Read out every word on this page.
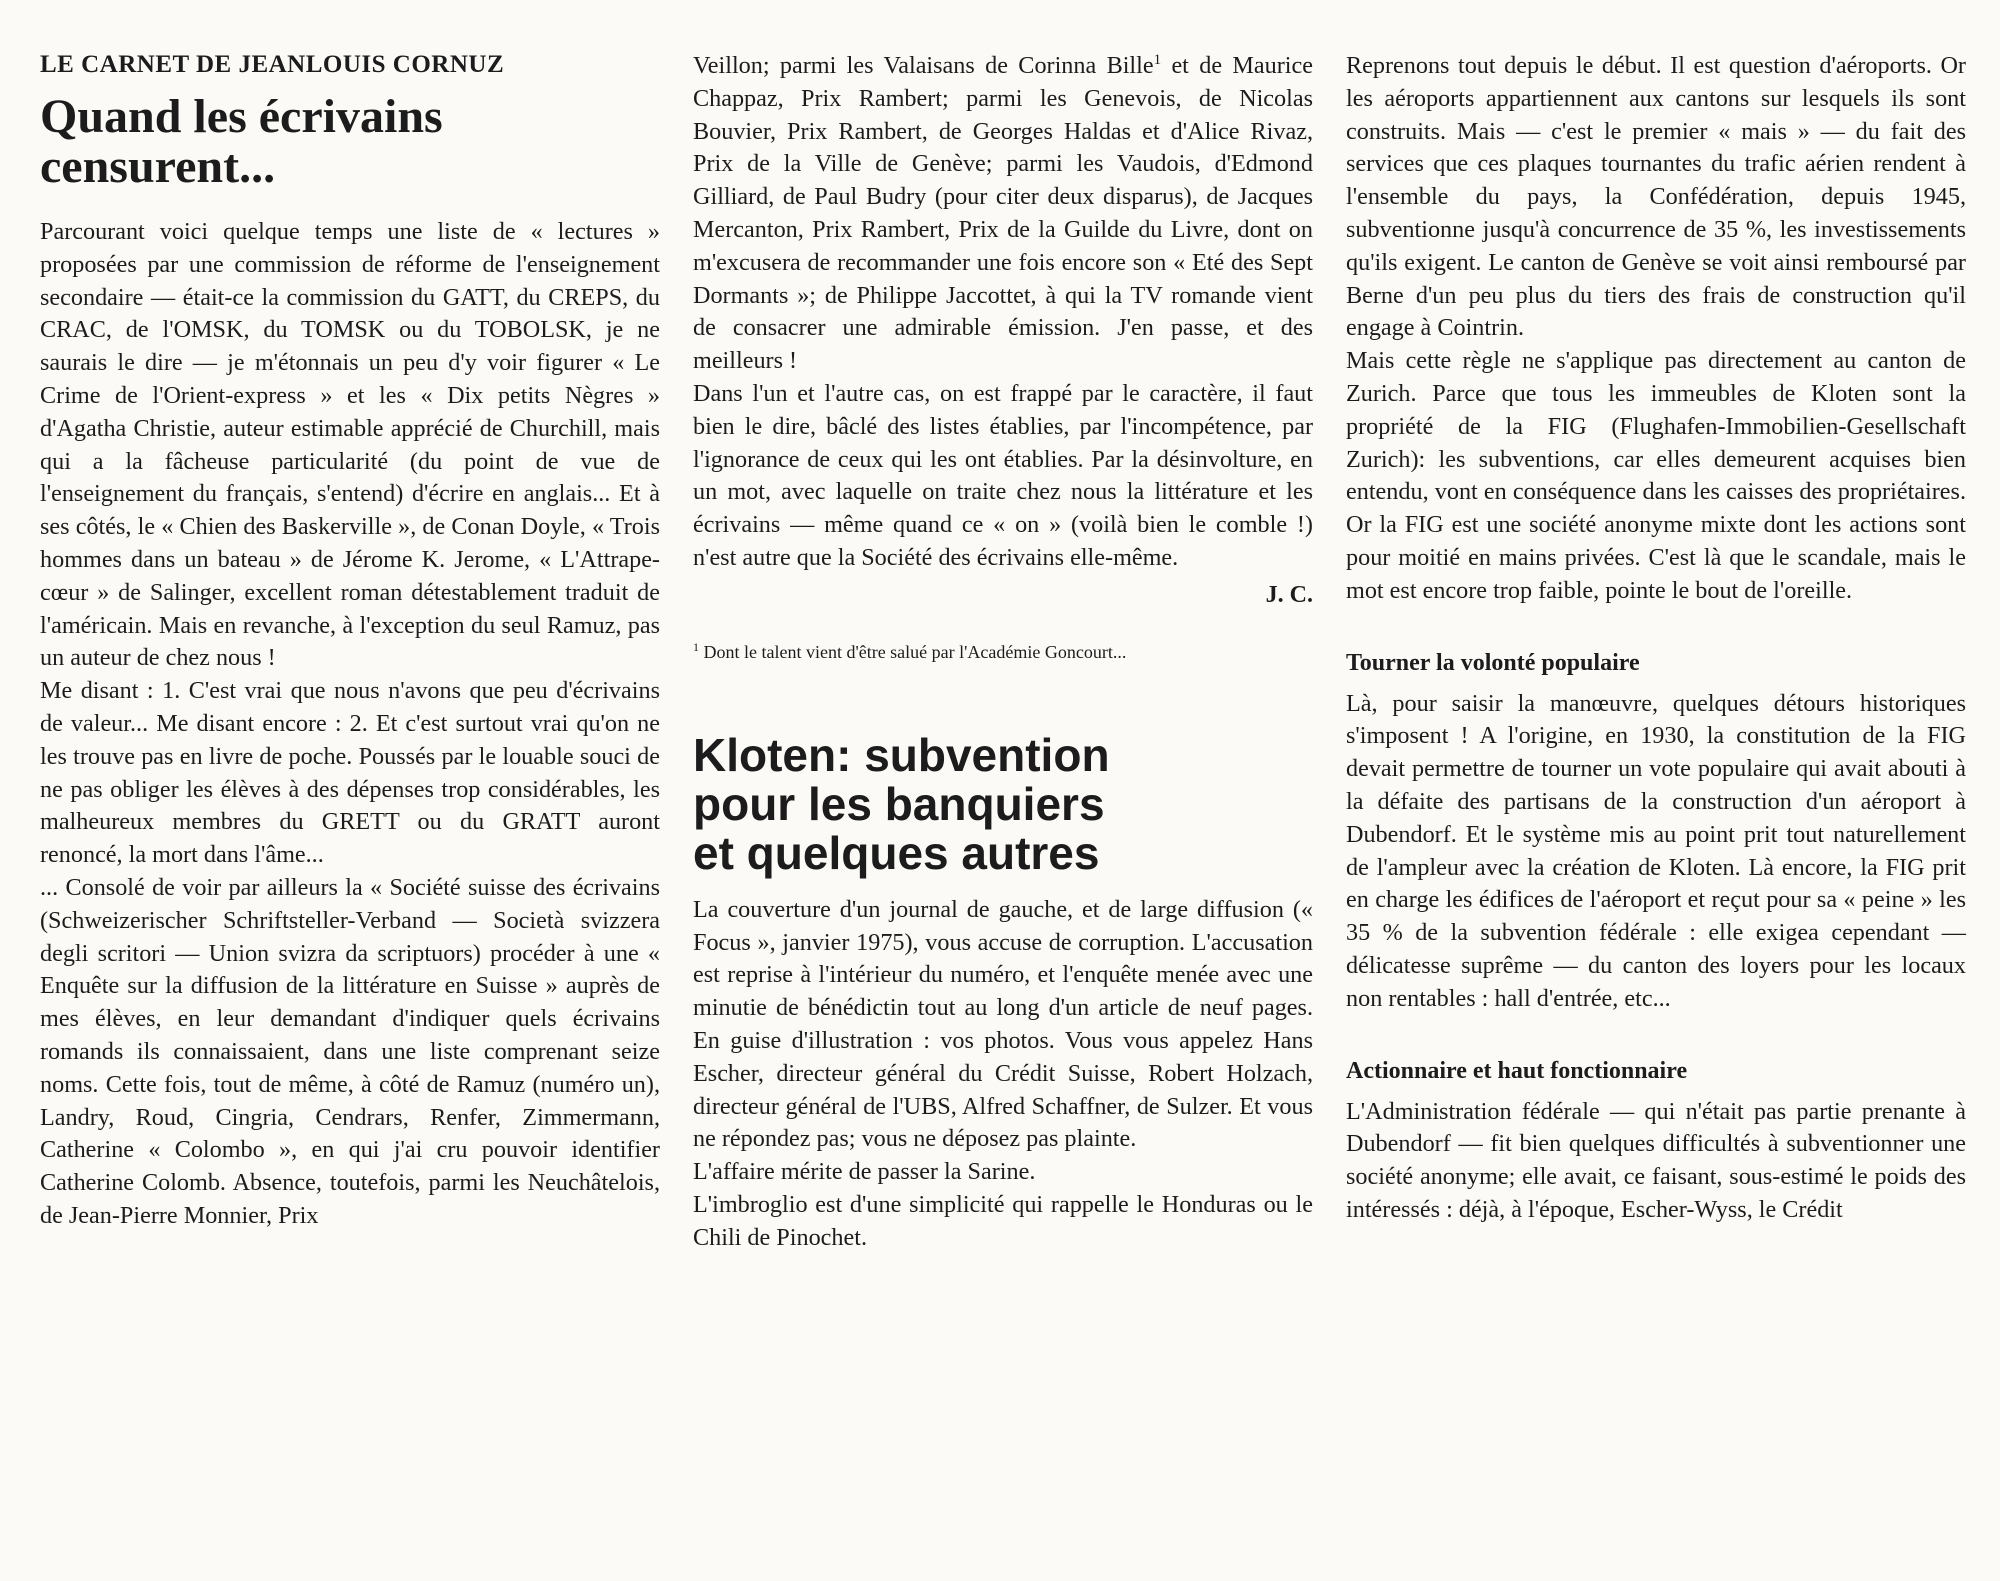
LE CARNET DE JEANLOUIS CORNUZ
Quand les écrivains
censurent...

Parcourant voici quelque temps une liste de « lectures » proposées par une commission de réforme de l'enseignement secondaire — était-ce la commission du GATT, du CREPS, du CRAC, de l'OMSK, du TOMSK ou du TOBOLSK, je ne saurais le dire — je m'étonnais un peu d'y voir figurer « Le Crime de l'Orient-express » et les « Dix petits Nègres » d'Agatha Christie, auteur estimable apprécié de Churchill, mais qui a la fâcheuse particularité (du point de vue de l'enseignement du français, s'entend) d'écrire en anglais... Et à ses côtés, le « Chien des Baskerville », de Conan Doyle, « Trois hommes dans un bateau » de Jérome K. Jerome, « L'Attrape-cœur » de Salinger, excellent roman détestablement traduit de l'américain. Mais en revanche, à l'exception du seul Ramuz, pas un auteur de chez nous !

Me disant : 1. C'est vrai que nous n'avons que peu d'écrivains de valeur... Me disant encore : 2. Et c'est surtout vrai qu'on ne les trouve pas en livre de poche. Poussés par le louable souci de ne pas obliger les élèves à des dépenses trop considérables, les malheureux membres du GRETT ou du GRATT auront renoncé, la mort dans l'âme...

... Consolé de voir par ailleurs la « Société suisse des écrivains (Schweizerischer Schriftsteller-Verband — Società svizzera degli scritori — Union svizra da scriptuors) procéder à une « Enquête sur la diffusion de la littérature en Suisse » auprès de mes élèves, en leur demandant d'indiquer quels écrivains romands ils connaissaient, dans une liste comprenant seize noms. Cette fois, tout de même, à côté de Ramuz (numéro un), Landry, Roud, Cingria, Cendrars, Renfer, Zimmermann, Catherine « Colombo », en qui j'ai cru pouvoir identifier Catherine Colomb. Absence, toutefois, parmi les Neuchâtelois, de Jean-Pierre Monnier, Prix

Veillon; parmi les Valaisans de Corinna Bille$^1$ et de Maurice Chappaz, Prix Rambert; parmi les Genevois, de Nicolas Bouvier, Prix Rambert, de Georges Haldas et d'Alice Rivaz, Prix de la Ville de Genève; parmi les Vaudois, d'Edmond Gilliard, de Paul Budry (pour citer deux disparus), de Jacques Mercanton, Prix Rambert, Prix de la Guilde du Livre, dont on m'excusera de recommander une fois encore son « Eté des Sept Dormants »; de Philippe Jaccottet, à qui la TV romande vient de consacrer une admirable émission. J'en passe, et des meilleurs !

Dans l'un et l'autre cas, on est frappé par le caractère, il faut bien le dire, bâclé des listes établies, par l'incompétence, par l'ignorance de ceux qui les ont établies. Par la désinvolture, en un mot, avec laquelle on traite chez nous la littérature et les écrivains — même quand ce « on » (voilà bien le comble !) n'est autre que la Société des écrivains elle-même.

J. C.

$^1$ Dont le talent vient d'être salué par l'Académie Goncourt...

Kloten: subvention
pour les banquiers
et quelques autres

La couverture d'un journal de gauche, et de large diffusion (« Focus », janvier 1975), vous accuse de corruption. L'accusation est reprise à l'intérieur du numéro, et l'enquête menée avec une minutie de bénédictin tout au long d'un article de neuf pages. En guise d'illustration : vos photos. Vous vous appelez Hans Escher, directeur général du Crédit Suisse, Robert Holzach, directeur général de l'UBS, Alfred Schaffner, de Sulzer. Et vous ne répondez pas; vous ne déposez pas plainte.

L'affaire mérite de passer la Sarine.

L'imbroglio est d'une simplicité qui rappelle le Honduras ou le Chili de Pinochet.

Reprenons tout depuis le début. Il est question d'aéroports. Or les aéroports appartiennent aux cantons sur lesquels ils sont construits. Mais — c'est le premier « mais » — du fait des services que ces plaques tournantes du trafic aérien rendent à l'ensemble du pays, la Confédération, depuis 1945, subventionne jusqu'à concurrence de 35 %, les investissements qu'ils exigent. Le canton de Genève se voit ainsi remboursé par Berne d'un peu plus du tiers des frais de construction qu'il engage à Cointrin.

Mais cette règle ne s'applique pas directement au canton de Zurich. Parce que tous les immeubles de Kloten sont la propriété de la FIG (Flughafen-Immobilien-Gesellschaft Zurich): les subventions, car elles demeurent acquises bien entendu, vont en conséquence dans les caisses des propriétaires. Or la FIG est une société anonyme mixte dont les actions sont pour moitié en mains privées. C'est là que le scandale, mais le mot est encore trop faible, pointe le bout de l'oreille.

Tourner la volonté populaire

Là, pour saisir la manœuvre, quelques détours historiques s'imposent ! A l'origine, en 1930, la constitution de la FIG devait permettre de tourner un vote populaire qui avait abouti à la défaite des partisans de la construction d'un aéroport à Dubendorf. Et le système mis au point prit tout naturellement de l'ampleur avec la création de Kloten. Là encore, la FIG prit en charge les édifices de l'aéroport et reçut pour sa « peine » les 35 % de la subvention fédérale : elle exigea cependant — délicatesse suprême — du canton des loyers pour les locaux non rentables : hall d'entrée, etc...

Actionnaire et haut fonctionnaire

L'Administration fédérale — qui n'était pas partie prenante à Dubendorf — fit bien quelques difficultés à subventionner une société anonyme; elle avait, ce faisant, sous-estimé le poids des intéressés : déjà, à l'époque, Escher-Wyss, le Crédit
